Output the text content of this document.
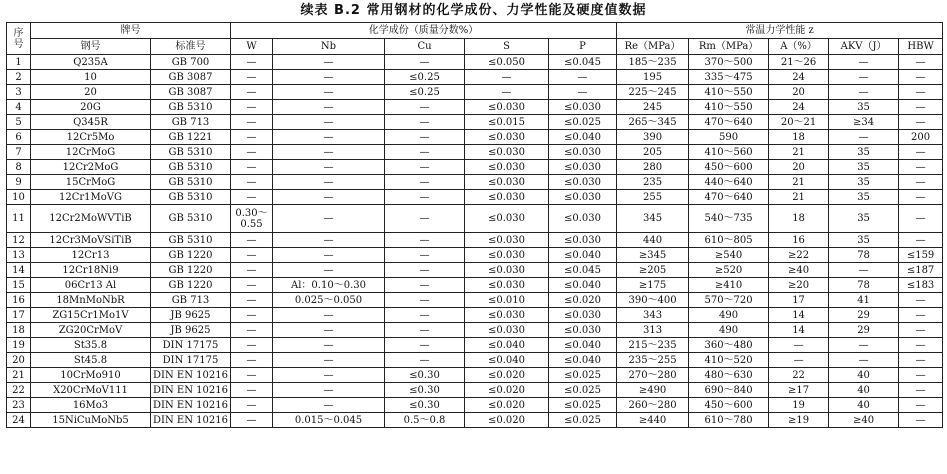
续表 B.2 常用钢材的化学成份、力学性能及硬度值数据
序号	牌号		化学成份（质量分数%）					常温力学性能 z				
	钢号	标准号	W	Nb	Cu	S	P	Re（MPa）	Rm（MPa）	A（%）	AKV（J）	HBW
1	Q235A	GB 700	—	—	—	≤0.050	≤0.045	185～235	370～500	21～26	—	—
2	10	GB 3087	—	—	≤0.25	—	—	195	335～475	24	—	—
3	20	GB 3087	—	—	≤0.25	—	—	225～245	410～550	20	—	—
4	20G	GB 5310	—	—	—	≤0.030	≤0.030	245	410～550	24	35	—
5	Q345R	GB 713	—	—	—	≤0.015	≤0.025	265～345	470～640	20～21	≥34	—
6	12Cr5Mo	GB 1221	—	—	—	≤0.030	≤0.040	390	590	18	—	200
7	12CrMoG	GB 5310	—	—	—	≤0.030	≤0.030	205	410～560	21	35	—
8	12Cr2MoG	GB 5310	—	—	—	≤0.030	≤0.030	280	450～600	20	35	—
9	15CrMoG	GB 5310	—	—	—	≤0.030	≤0.030	235	440～640	21	35	—
10	12Cr1MoVG	GB 5310	—	—	—	≤0.030	≤0.030	255	470～640	21	35	—
11	12Cr2MoWVTiB	GB 5310	0.30～0.55	—	—	≤0.030	≤0.030	345	540～735	18	35	—
12	12Cr3MoVSiTiB	GB 5310	—	—	—	≤0.030	≤0.030	440	610～805	16	35	—
13	12Cr13	GB 1220	—	—	—	≤0.030	≤0.040	≥345	≥540	≥22	78	≤159
14	12Cr18Ni9	GB 1220	—	—	—	≤0.030	≤0.045	≥205	≥520	≥40	—	≤187
15	06Cr13 Al	GB 1220	—	Al：0.10～0.30	—	≤0.030	≤0.040	≥175	≥410	≥20	78	≤183
16	18MnMoNbR	GB 713	—	0.025～0.050	—	≤0.010	≤0.020	390～400	570～720	17	41	—
17	ZG15Cr1Mo1V	JB 9625	—	—	—	≤0.030	≤0.030	343	490	14	29	—
18	ZG20CrMoV	JB 9625	—	—	—	≤0.030	≤0.030	313	490	14	29	—
19	St35.8	DIN 17175	—	—	—	≤0.040	≤0.040	215～235	360～480	—	—	—
20	St45.8	DIN 17175	—	—	—	≤0.040	≤0.040	235～255	410～520	—	—	—
21	10CrMo910	DIN EN 10216	—	—	≤0.30	≤0.020	≤0.025	270～280	480～630	22	40	—
22	X20CrMoV111	DIN EN 10216	—	—	≤0.30	≤0.020	≤0.025	≥490	690～840	≥17	40	—
23	16Mo3	DIN EN 10216	—	—	≤0.30	≤0.020	≤0.025	260～280	450～600	19	40	—
24	15NiCuMoNb5	DIN EN 10216	—	0.015～0.045	0.5～0.8	≤0.020	≤0.025	≥440	610～780	≥19	≥40	—
